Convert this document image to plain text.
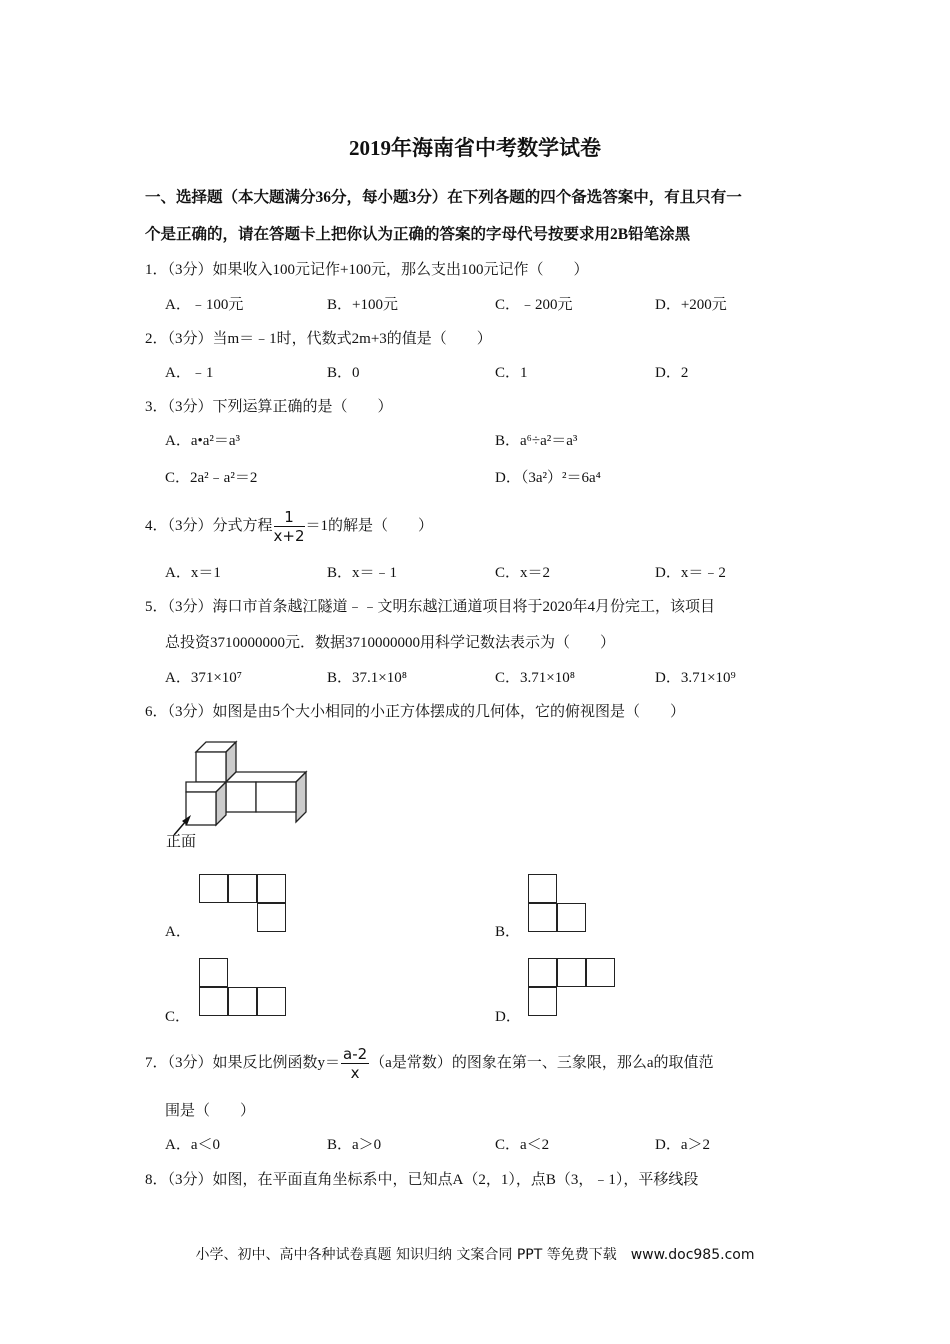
2019年海南省中考数学试卷
一、选择题（本大题满分36分，每小题3分）在下列各题的四个备选答案中，有且只有一
个是正确的，请在答题卡上把你认为正确的答案的字母代号按要求用2B铅笔涂黑
1．（3分）如果收入100元记作+100元，那么支出100元记作（　　）
A．﹣100元	B．+100元	C．﹣200元	D．+200元
2．（3分）当m＝﹣1时，代数式2m+3的值是（　　）
A．﹣1	B．0	C．1	D．2
3．（3分）下列运算正确的是（　　）
A．a•a²＝a³	B．a⁶÷a²＝a³
C．2a²﹣a²＝2	D．（3a²）²＝6a⁴
4．（3分）分式方程 $\frac{1}{x+2} =1$的解是（　　）
A．x＝1	B．x＝﹣1	C．x＝2	D．x＝﹣2
5．（3分）海口市首条越江隧道﹣﹣文明东越江通道项目将于2020年4月份完工，该项目
总投资3710000000元．数据3710000000用科学记数法表示为（　　）
A．371×10⁷	B．37.1×10⁸	C．3.71×10⁸	D．3.71×10⁹
6．（3分）如图是由5个大小相同的小正方体摆成的几何体，它的俯视图是（　　）
正面
A．	B．
C．	D．
7．（3分）如果反比例函数$y= \frac{a-2}{x} (a$是常数）的图象在第一、三象限，那么a的取值范
围是（　　）
A．a＜0	B．a＞0	C．a＜2	D．a＞2
8．（3分）如图，在平面直角坐标系中，已知点A（2，1），点B（3，﹣1），平移线段
小学、初中、高中各种试卷真题 知识归纳 文案合同 PPT 等免费下载　www.doc985.com
